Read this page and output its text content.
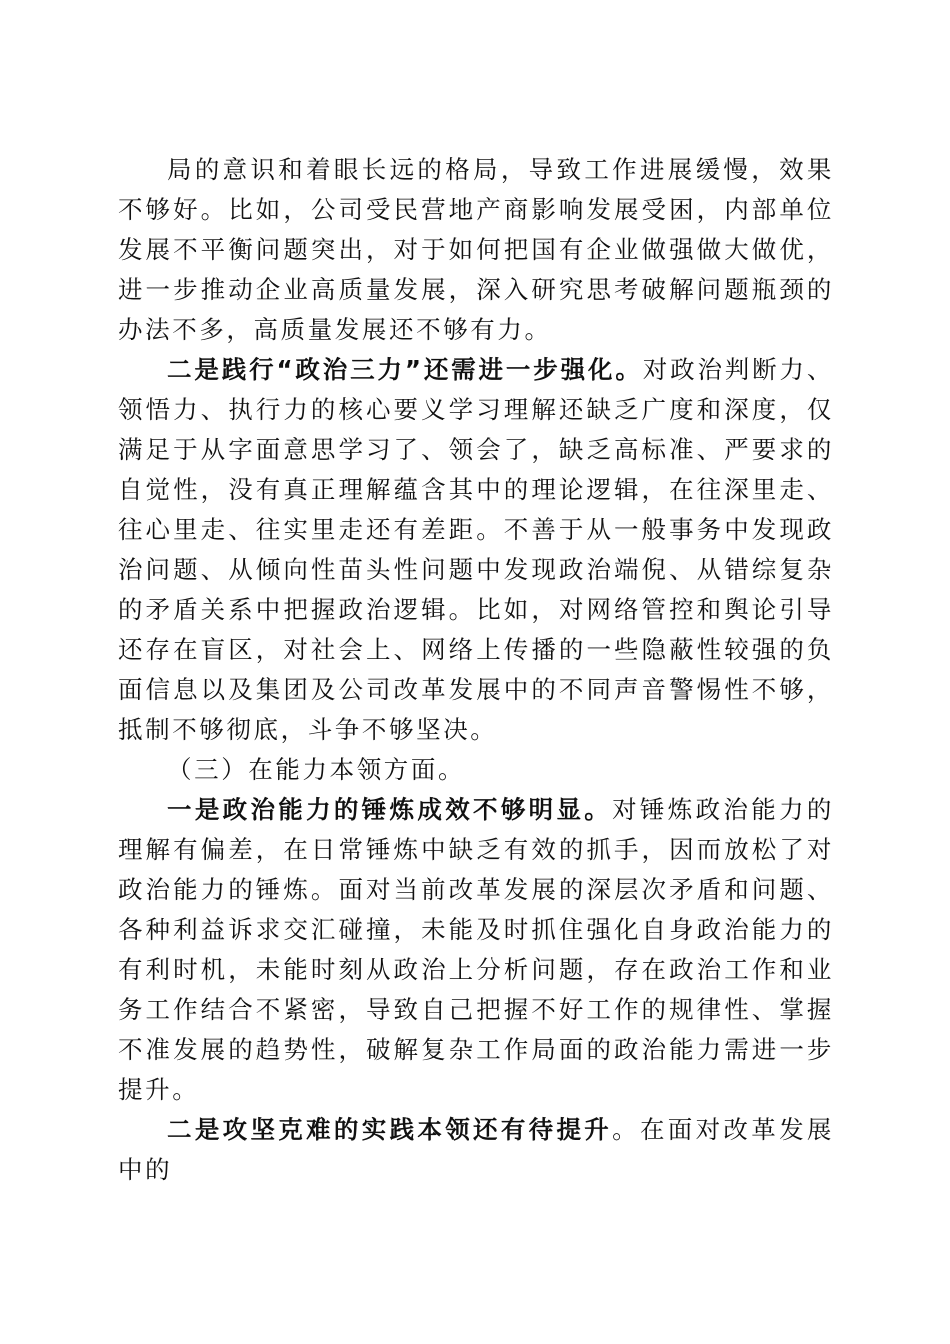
局的意识和着眼长远的格局，导致工作进展缓慢，效果不够好。比如，公司受民营地产商影响发展受困，内部单位发展不平衡问题突出，对于如何把国有企业做强做大做优，进一步推动企业高质量发展，深入研究思考破解问题瓶颈的办法不多，高质量发展还不够有力。

二是践行“政治三力”还需进一步强化。对政治判断力、领悟力、执行力的核心要义学习理解还缺乏广度和深度，仅满足于从字面意思学习了、领会了，缺乏高标准、严要求的自觉性，没有真正理解蕴含其中的理论逻辑，在往深里走、往心里走、往实里走还有差距。不善于从一般事务中发现政治问题、从倾向性苗头性问题中发现政治端倪、从错综复杂的矛盾关系中把握政治逻辑。比如，对网络管控和舆论引导还存在盲区，对社会上、网络上传播的一些隐蔽性较强的负面信息以及集团及公司改革发展中的不同声音警惕性不够，抵制不够彻底，斗争不够坚决。

（三）在能力本领方面。

一是政治能力的锤炼成效不够明显。对锤炼政治能力的理解有偏差，在日常锤炼中缺乏有效的抓手，因而放松了对政治能力的锤炼。面对当前改革发展的深层次矛盾和问题、各种利益诉求交汇碰撞，未能及时抓住强化自身政治能力的有利时机，未能时刻从政治上分析问题，存在政治工作和业务工作结合不紧密，导致自己把握不好工作的规律性、掌握不准发展的趋势性，破解复杂工作局面的政治能力需进一步提升。

二是攻坚克难的实践本领还有待提升。在面对改革发展中的
